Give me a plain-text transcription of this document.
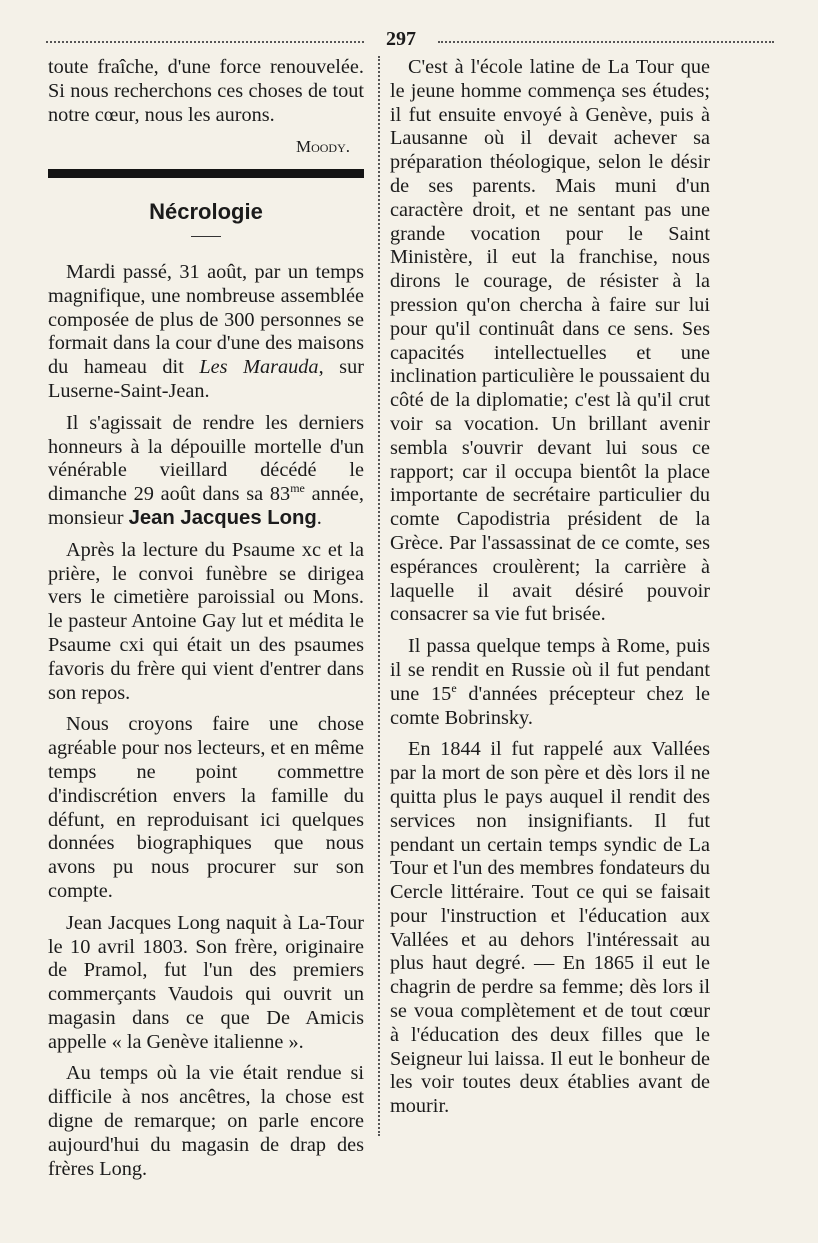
297

toute fraîche, d'une force renouvelée. Si nous recherchons ces choses de tout notre cœur, nous les aurons.

Moody.
Nécrologie

Mardi passé, 31 août, par un temps magnifique, une nombreuse assemblée composée de plus de 300 personnes se formait dans la cour d'une des maisons du hameau dit Les Marauda, sur Luserne-Saint-Jean.

Il s'agissait de rendre les derniers honneurs à la dépouille mortelle d'un vénérable vieillard décédé le dimanche 29 août dans sa $83^{me}$ année, monsieur Jean Jacques Long.

Après la lecture du Psaume xc et la prière, le convoi funèbre se dirigea vers le cimetière paroissial ou Mons. le pasteur Antoine Gay lut et médita le Psaume cxi qui était un des psaumes favoris du frère qui vient d'entrer dans son repos.

Nous croyons faire une chose agréable pour nos lecteurs, et en même temps ne point commettre d'indiscrétion envers la famille du défunt, en reproduisant ici quelques données biographiques que nous avons pu nous procurer sur son compte.

Jean Jacques Long naquit à La-Tour le 10 avril 1803. Son frère, originaire de Pramol, fut l'un des premiers commerçants Vaudois qui ouvrit un magasin dans ce que De Amicis appelle « la Genève italienne ».

Au temps où la vie était rendue si difficile à nos ancêtres, la chose est digne de remarque; on parle encore aujourd'hui du magasin de drap des frères Long.

C'est à l'école latine de La Tour que le jeune homme commença ses études; il fut ensuite envoyé à Genève, puis à Lausanne où il devait achever sa préparation théologique, selon le désir de ses parents. Mais muni d'un caractère droit, et ne sentant pas une grande vocation pour le Saint Ministère, il eut la franchise, nous dirons le courage, de résister à la pression qu'on chercha à faire sur lui pour qu'il continuât dans ce sens. Ses capacités intellectuelles et une inclination particulière le poussaient du côté de la diplomatie; c'est là qu'il crut voir sa vocation. Un brillant avenir sembla s'ouvrir devant lui sous ce rapport; car il occupa bientôt la place importante de secrétaire particulier du comte Capodistria président de la Grèce. Par l'assassinat de ce comte, ses espérances croulèrent; la carrière à laquelle il avait désiré pouvoir consacrer sa vie fut brisée.

Il passa quelque temps à Rome, puis il se rendit en Russie où il fut pendant une 15e d'années précepteur chez le comte Bobrinsky.

En 1844 il fut rappelé aux Vallées par la mort de son père et dès lors il ne quitta plus le pays auquel il rendit des services non insignifiants. Il fut pendant un certain temps syndic de La Tour et l'un des membres fondateurs du Cercle littéraire. Tout ce qui se faisait pour l'instruction et l'éducation aux Vallées et au dehors l'intéressait au plus haut degré. — En 1865 il eut le chagrin de perdre sa femme; dès lors il se voua complètement et de tout cœur à l'éducation des deux filles que le Seigneur lui laissa. Il eut le bonheur de les voir toutes deux établies avant de mourir.
